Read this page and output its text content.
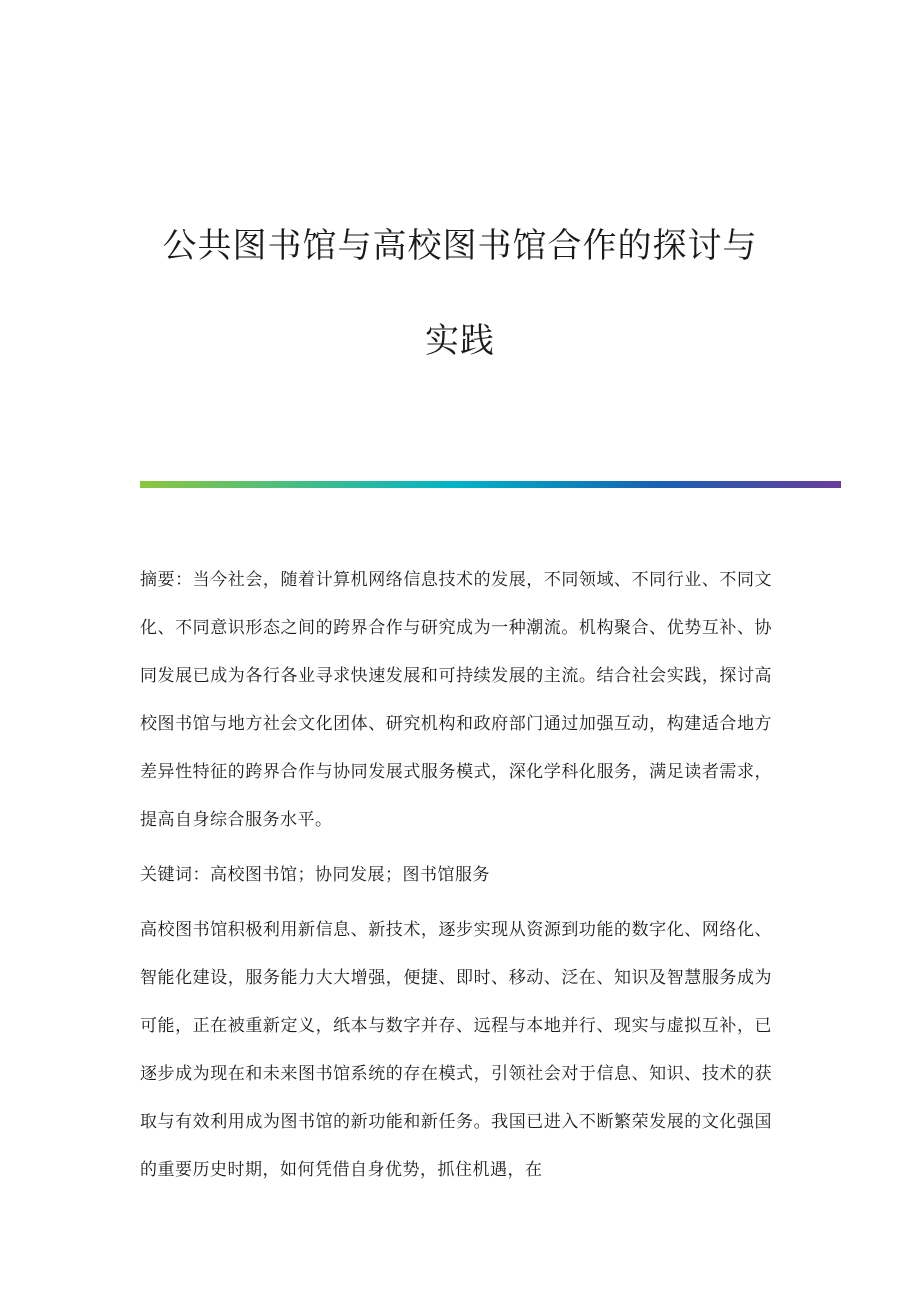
公共图书馆与高校图书馆合作的探讨与
实践

摘要：当今社会，随着计算机网络信息技术的发展，不同领域、不同行业、不同文化、不同意识形态之间的跨界合作与研究成为一种潮流。机构聚合、优势互补、协同发展已成为各行各业寻求快速发展和可持续发展的主流。结合社会实践，探讨高校图书馆与地方社会文化团体、研究机构和政府部门通过加强互动，构建适合地方差异性特征的跨界合作与协同发展式服务模式，深化学科化服务，满足读者需求，提高自身综合服务水平。

关键词：高校图书馆；协同发展；图书馆服务

高校图书馆积极利用新信息、新技术，逐步实现从资源到功能的数字化、网络化、智能化建设，服务能力大大增强，便捷、即时、移动、泛在、知识及智慧服务成为可能，正在被重新定义，纸本与数字并存、远程与本地并行、现实与虚拟互补，已逐步成为现在和未来图书馆系统的存在模式，引领社会对于信息、知识、技术的获取与有效利用成为图书馆的新功能和新任务。我国已进入不断繁荣发展的文化强国的重要历史时期，如何凭借自身优势，抓住机遇，在
